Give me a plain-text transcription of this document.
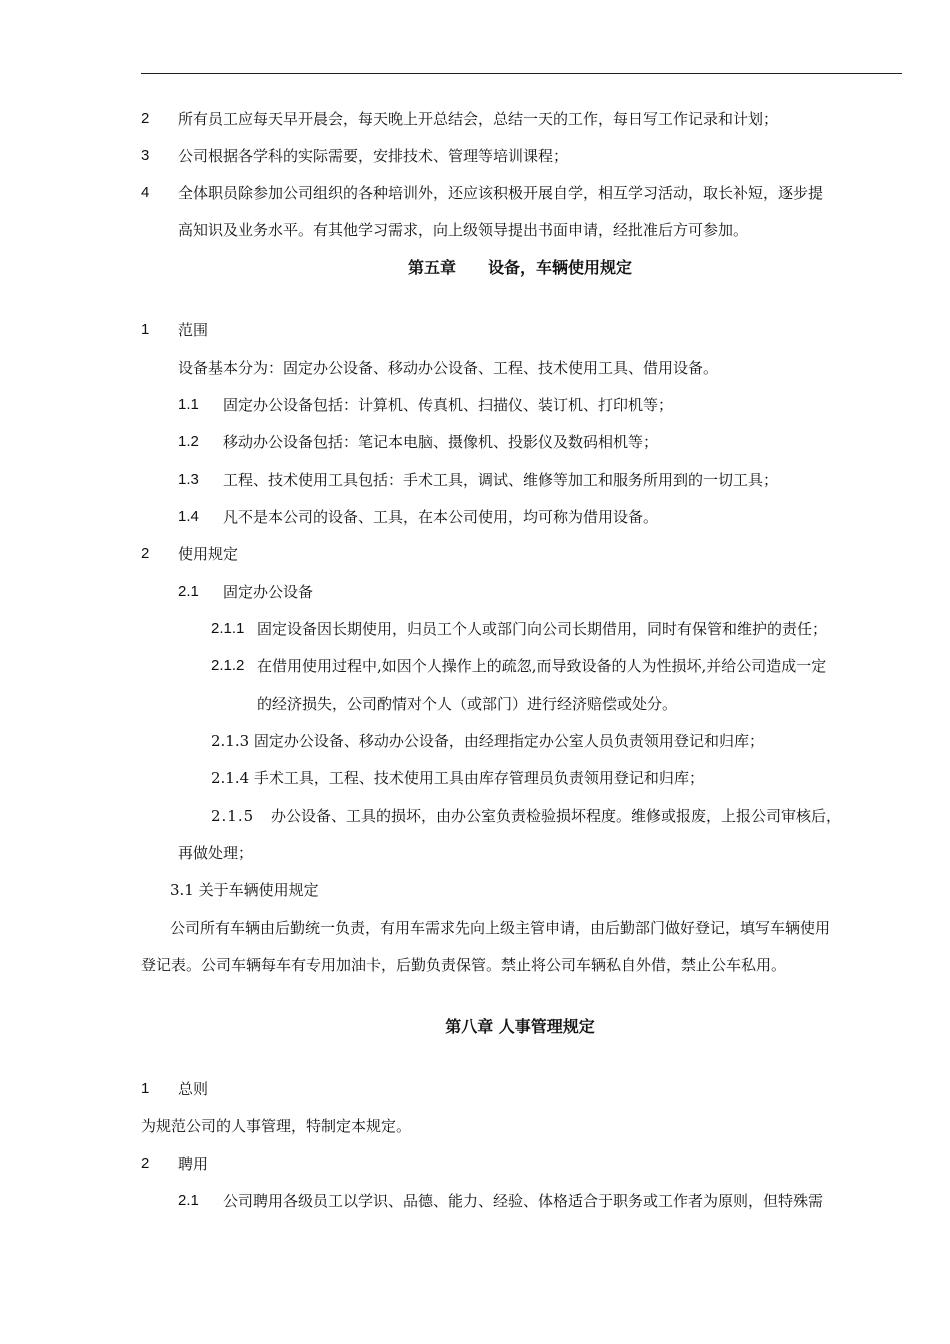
2 所有员工应每天早开晨会，每天晚上开总结会，总结一天的工作，每日写工作记录和计划；
3 公司根据各学科的实际需要，安排技术、管理等培训课程；
4 全体职员除参加公司组织的各种培训外，还应该积极开展自学，相互学习活动，取长补短，逐步提
高知识及业务水平。有其他学习需求，向上级领导提出书面申请，经批准后方可参加。
第五章　　设备，车辆使用规定
1 范围
设备基本分为：固定办公设备、移动办公设备、工程、技术使用工具、借用设备。
1.1 固定办公设备包括：计算机、传真机、扫描仪、装订机、打印机等；
1.2 移动办公设备包括：笔记本电脑、摄像机、投影仪及数码相机等；
1.3 工程、技术使用工具包括：手术工具，调试、维修等加工和服务所用到的一切工具；
1.4 凡不是本公司的设备、工具，在本公司使用，均可称为借用设备。
2 使用规定
2.1 固定办公设备
2.1.1 固定设备因长期使用，归员工个人或部门向公司长期借用，同时有保管和维护的责任；
2.1.2 在借用使用过程中,如因个人操作上的疏忽,而导致设备的人为性损坏,并给公司造成一定
的经济损失，公司酌情对个人（或部门）进行经济赔偿或处分。
2.1.3 固定办公设备、移动办公设备，由经理指定办公室人员负责领用登记和归库；
2.1.4 手术工具，工程、技术使用工具由库存管理员负责领用登记和归库；
2.1.5 办公设备、工具的损坏，由办公室负责检验损坏程度。维修或报废，上报公司审核后，
再做处理；
3.1 关于车辆使用规定
公司所有车辆由后勤统一负责，有用车需求先向上级主管申请，由后勤部门做好登记，填写车辆使用
登记表。公司车辆每车有专用加油卡，后勤负责保管。禁止将公司车辆私自外借，禁止公车私用。
第八章 人事管理规定
1 总则
为规范公司的人事管理，特制定本规定。
2 聘用
2.1 公司聘用各级员工以学识、品德、能力、经验、体格适合于职务或工作者为原则，但特殊需
